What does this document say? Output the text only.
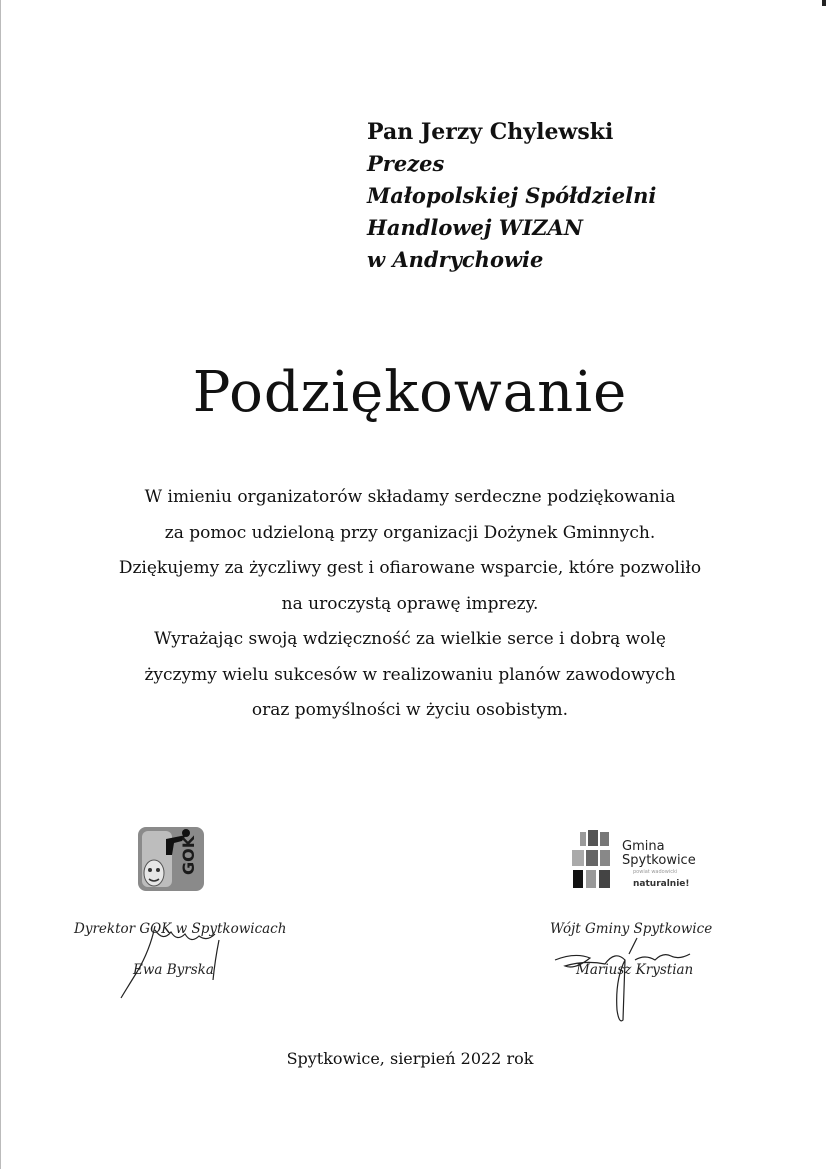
Pan Jerzy Chylewski
Prezes
Małopolskiej Spółdzielni
Handlowej WIZAN
w Andrychowie
Podziękowanie
W imieniu organizatorów składamy serdeczne podziękowania
za pomoc udzieloną przy organizacji Dożynek Gminnych.
Dziękujemy za życzliwy gest i ofiarowane wsparcie, które pozwoliło
na uroczystą oprawę imprezy.
Wyrażając swoją wdzięczność za wielkie serce i dobrą wolę
życzymy wielu sukcesów w realizowaniu planów zawodowych
oraz pomyślności w życiu osobistym.
GOK	Gmina
Spytkowice
powiat wadowicki
naturalnie!
Dyrektor GOK w Spytkowicach
Ewa Byrska
Wójt Gminy Spytkowice
Mariusz Krystian
Spytkowice, sierpień 2022 rok
